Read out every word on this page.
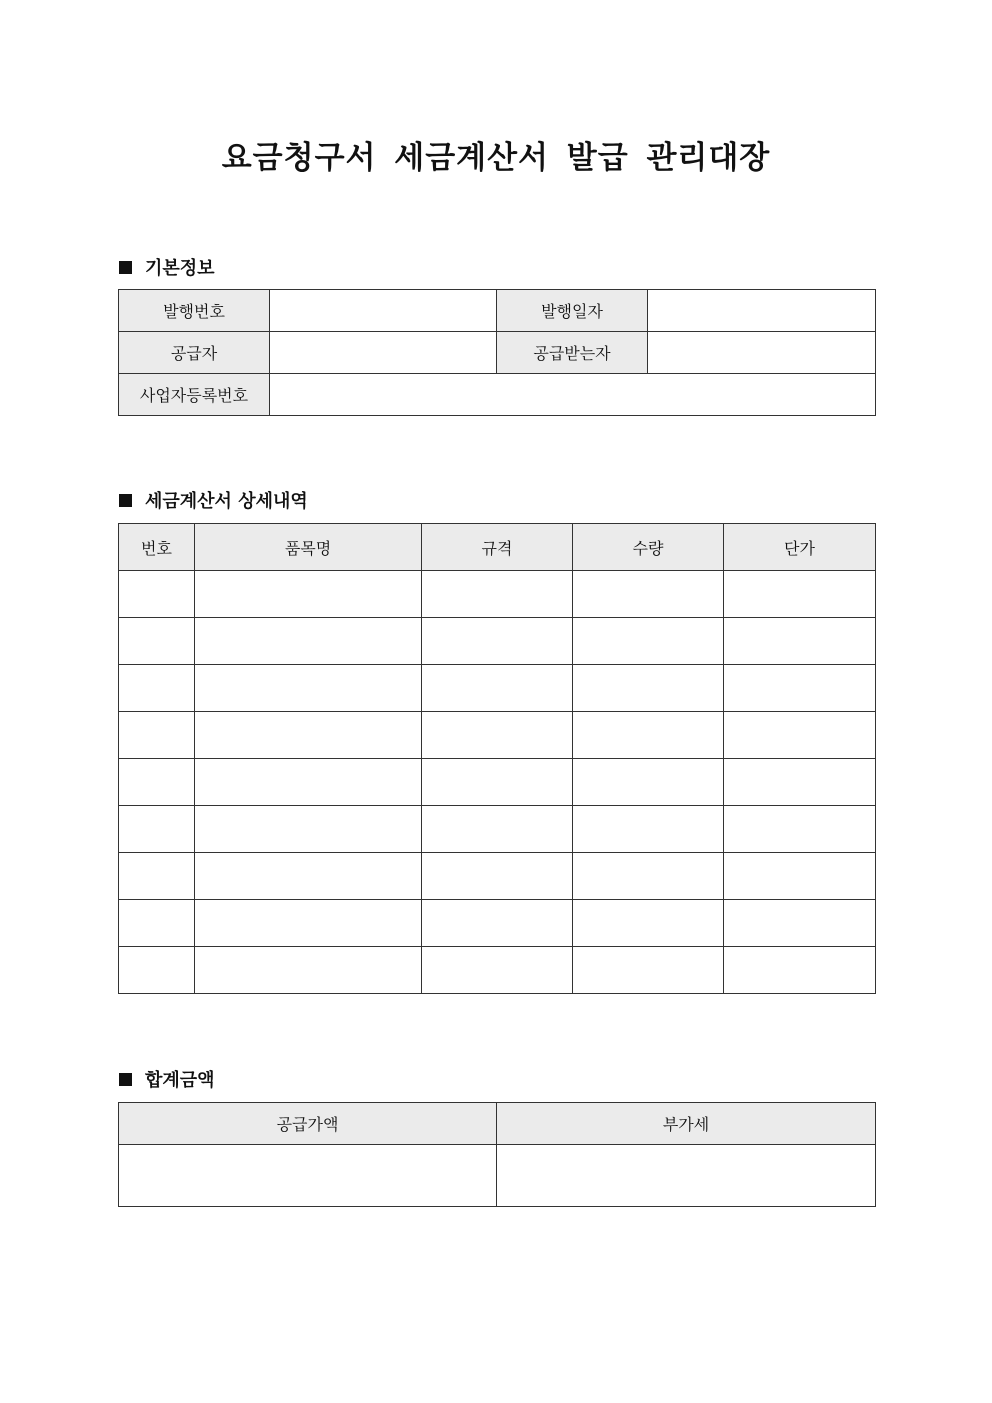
요금청구서 세금계산서 발급 관리대장
기본정보
발행번호		발행일자	
공급자		공급받는자	
사업자등록번호			
세금계산서 상세내역
번호	품목명	규격	수량	단가

합계금액
공급가액	부가세
